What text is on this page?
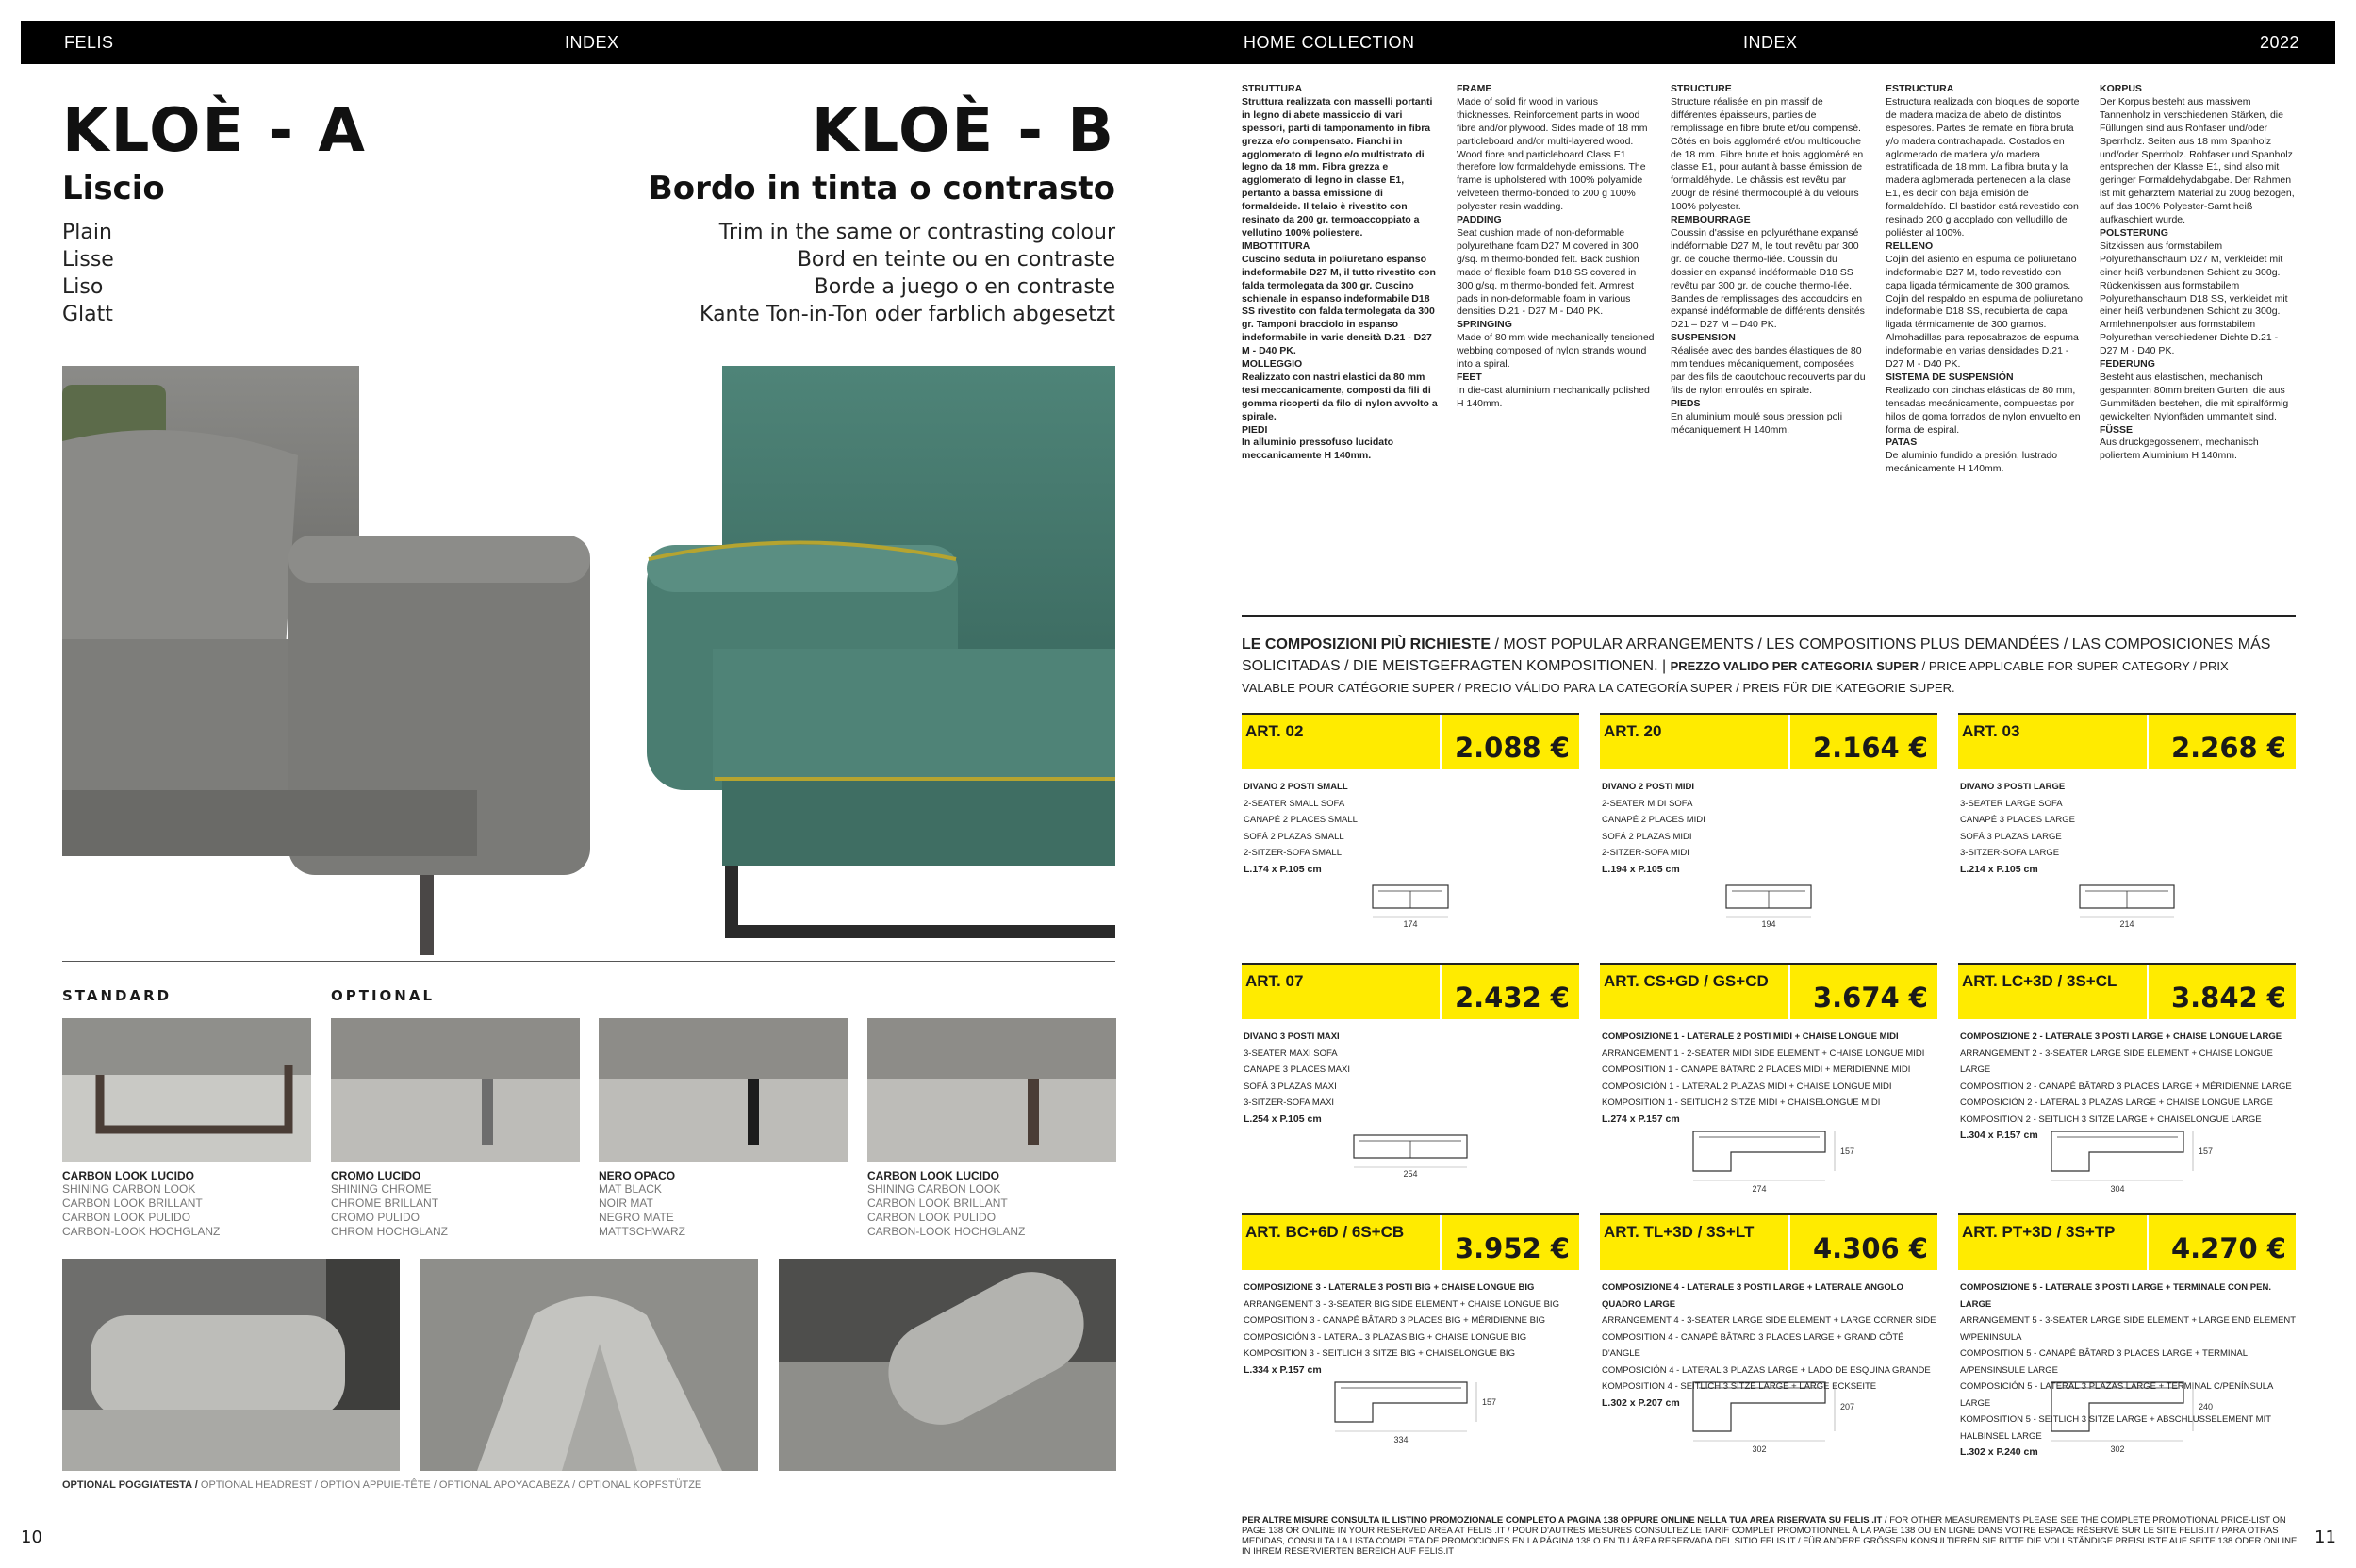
FELIS	INDEX	HOME COLLECTION	INDEX	2022
KLOÈ - A
Liscio
Plain
Lisse
Liso
Glatt
KLOÈ - B
Bordo in tinta o contrasto
Trim in the same or contrasting colour
Bord en teinte ou en contraste
Borde a juego o en contraste
Kante Ton-in-Ton oder farblich abgesetzt
STANDARD	OPTIONAL
CARBON LOOK LUCIDO
SHINING CARBON LOOK
CARBON LOOK BRILLANT
CARBON LOOK PULIDO
CARBON-LOOK HOCHGLANZ
CROMO LUCIDO
SHINING CHROME
CHROME BRILLANT
CROMO PULIDO
CHROM HOCHGLANZ
NERO OPACO
MAT BLACK
NOIR MAT
NEGRO MATE
MATTSCHWARZ
CARBON LOOK LUCIDO
SHINING CARBON LOOK
CARBON LOOK BRILLANT
CARBON LOOK PULIDO
CARBON-LOOK HOCHGLANZ
OPTIONAL POGGIATESTA / OPTIONAL HEADREST / OPTION APPUIE-TÊTE / OPTIONAL APOYACABEZA / OPTIONAL KOPFSTÜTZE
10
STRUTTURA
Struttura realizzata con masselli portanti in legno di abete massiccio di vari spessori, parti di tamponamento in fibra grezza e/o compensato. Fianchi in agglomerato di legno e/o multistrato di legno da 18 mm. Fibra grezza e agglomerato di legno in classe E1, pertanto a bassa emissione di formaldeide. Il telaio è rivestito con resinato da 200 gr. termoaccoppiato a vellutino 100% poliestere.
IMBOTTITURA
Cuscino seduta in poliuretano espanso indeformabile D27 M, il tutto rivestito con falda termolegata da 300 gr. Cuscino schienale in espanso indeformabile D18 SS rivestito con falda termolegata da 300 gr. Tamponi bracciolo in espanso indeformabile in varie densità D.21 - D27 M - D40 PK.
MOLLEGGIO
Realizzato con nastri elastici da 80 mm tesi meccanicamente, composti da fili di gomma ricoperti da filo di nylon avvolto a spirale.
PIEDI
In alluminio pressofuso lucidato meccanicamente H 140mm.
FRAME
Made of solid fir wood in various thicknesses. Reinforcement parts in wood fibre and/or plywood. Sides made of 18 mm particleboard and/or multi-layered wood. Wood fibre and particleboard Class E1 therefore low formaldehyde emissions. The frame is upholstered with 100% polyamide velveteen thermo-bonded to 200 g 100% polyester resin wadding.
PADDING
Seat cushion made of non-deformable polyurethane foam D27 M covered in 300 g/sq. m thermo-bonded felt. Back cushion made of flexible foam D18 SS covered in 300 g/sq. m thermo-bonded felt. Armrest pads in non-deformable foam in various densities D.21 - D27 M - D40 PK.
SPRINGING
Made of 80 mm wide mechanically tensioned webbing composed of nylon strands wound into a spiral.
FEET
In die-cast aluminium mechanically polished H 140mm.
STRUCTURE
Structure réalisée en pin massif de différentes épaisseurs, parties de remplissage en fibre brute et/ou compensé. Côtés en bois aggloméré et/ou multicouche de 18 mm. Fibre brute et bois aggloméré en classe E1, pour autant à basse émission de formaldéhyde. Le châssis est revêtu par 200gr de résiné thermocouplé à du velours 100% polyester.
REMBOURRAGE
Coussin d'assise en polyuréthane expansé indéformable D27 M, le tout revêtu par 300 gr. de couche thermo-liée. Coussin du dossier en expansé indéformable D18 SS revêtu par 300 gr. de couche thermo-liée. Bandes de remplissages des accoudoirs en expansé indéformable de différents densités D21 – D27 M – D40 PK.
SUSPENSION
Réalisée avec des bandes élastiques de 80 mm tendues mécaniquement, composées par des fils de caoutchouc recouverts par du fils de nylon enroulés en spirale.
PIEDS
En aluminium moulé sous pression poli mécaniquement H 140mm.
ESTRUCTURA
Estructura realizada con bloques de soporte de madera maciza de abeto de distintos espesores. Partes de remate en fibra bruta y/o madera contrachapada. Costados en aglomerado de madera y/o madera estratificada de 18 mm. La fibra bruta y la madera aglomerada pertenecen a la clase E1, es decir con baja emisión de formaldehído. El bastidor está revestido con resinado 200 g acoplado con velludillo de poliéster al 100%.
RELLENO
Cojín del asiento en espuma de poliuretano indeformable D27 M, todo revestido con capa ligada térmicamente de 300 gramos. Cojín del respaldo en espuma de poliuretano indeformable D18 SS, recubierta de capa ligada térmicamente de 300 gramos. Almohadillas para reposabrazos de espuma indeformable en varias densidades D.21 - D27 M - D40 PK.
SISTEMA DE SUSPENSIÓN
Realizado con cinchas elásticas de 80 mm, tensadas mecánicamente, compuestas por hilos de goma forrados de nylon envuelto en forma de espiral.
PATAS
De aluminio fundido a presión, lustrado mecánicamente H 140mm.
KORPUS
Der Korpus besteht aus massivem Tannenholz in verschiedenen Stärken, die Füllungen sind aus Rohfaser und/oder Sperrholz. Seiten aus 18 mm Spanholz und/oder Sperrholz. Rohfaser und Spanholz entsprechen der Klasse E1, sind also mit geringer Formaldehydabgabe. Der Rahmen ist mit geharztem Material zu 200g bezogen, auf das 100% Polyester-Samt heiß aufkaschiert wurde.
POLSTERUNG
Sitzkissen aus formstabilem Polyurethanschaum D27 M, verkleidet mit einer heiß verbundenen Schicht zu 300g. Rückenkissen aus formstabilem Polyurethanschaum D18 SS, verkleidet mit einer heiß verbundenen Schicht zu 300g. Armlehnenpolster aus formstabilem Polyurethan verschiedener Dichte D.21 - D27 M - D40 PK.
FEDERUNG
Besteht aus elastischen, mechanisch gespannten 80mm breiten Gurten, die aus Gummifäden bestehen, die mit spiralförmig gewickelten Nylonfäden ummantelt sind.
FÜSSE
Aus druckgegossenem, mechanisch poliertem Aluminium H 140mm.
LE COMPOSIZIONI PIÙ RICHIESTE / MOST POPULAR ARRANGEMENTS / LES COMPOSITIONS PLUS DEMANDÉES / LAS COMPOSICIONES MÁS
SOLICITADAS / DIE MEISTGEFRAGTEN KOMPOSITIONEN. | PREZZO VALIDO PER CATEGORIA SUPER / PRICE APPLICABLE FOR SUPER CATEGORY / PRIX
VALABLE POUR CATÉGORIE SUPER / PRECIO VÁLIDO PARA LA CATEGORÍA SUPER / PREIS FÜR DIE KATEGORIE SUPER.
ART. 02
2.088 €
DIVANO 2 POSTI SMALL
2-SEATER SMALL SOFA
CANAPÉ 2 PLACES SMALL
SOFÁ 2 PLAZAS SMALL
2-SITZER-SOFA SMALL
L.174 x P.105 cm
174
ART. 20
2.164 €
DIVANO 2 POSTI MIDI
2-SEATER MIDI SOFA
CANAPÉ 2 PLACES MIDI
SOFÁ 2 PLAZAS MIDI
2-SITZER-SOFA MIDI
L.194 x P.105 cm
194
ART. 03
2.268 €
DIVANO 3 POSTI LARGE
3-SEATER LARGE SOFA
CANAPÉ 3 PLACES LARGE
SOFÁ 3 PLAZAS LARGE
3-SITZER-SOFA LARGE
L.214 x P.105 cm
214
ART. 07
2.432 €
DIVANO 3 POSTI MAXI
3-SEATER MAXI SOFA
CANAPÉ 3 PLACES MAXI
SOFÁ 3 PLAZAS MAXI
3-SITZER-SOFA MAXI
L.254 x P.105 cm
254
ART. CS+GD / GS+CD
3.674 €
COMPOSIZIONE 1 - LATERALE 2 POSTI MIDI + CHAISE LONGUE MIDI
ARRANGEMENT 1 - 2-SEATER MIDI SIDE ELEMENT + CHAISE LONGUE MIDI
COMPOSITION 1 - CANAPÉ BÂTARD 2 PLACES MIDI + MÉRIDIENNE MIDI
COMPOSICIÓN 1 - LATERAL 2 PLAZAS MIDI + CHAISE LONGUE MIDI
KOMPOSITION 1 - SEITLICH 2 SITZE MIDI + CHAISELONGUE MIDI
L.274 x P.157 cm
274
157
ART. LC+3D / 3S+CL
3.842 €
COMPOSIZIONE 2 - LATERALE 3 POSTI LARGE + CHAISE LONGUE LARGE
ARRANGEMENT 2 - 3-SEATER LARGE SIDE ELEMENT + CHAISE LONGUE LARGE
COMPOSITION 2 - CANAPÉ BÂTARD 3 PLACES LARGE + MÉRIDIENNE LARGE
COMPOSICIÓN 2 - LATERAL 3 PLAZAS LARGE + CHAISE LONGUE LARGE
KOMPOSITION 2 - SEITLICH 3 SITZE LARGE + CHAISELONGUE LARGE
L.304 x P.157 cm
304
157
ART. BC+6D / 6S+CB
3.952 €
COMPOSIZIONE 3 - LATERALE 3 POSTI BIG + CHAISE LONGUE BIG
ARRANGEMENT 3 - 3-SEATER BIG SIDE ELEMENT + CHAISE LONGUE BIG
COMPOSITION 3 - CANAPÉ BÂTARD 3 PLACES BIG + MÉRIDIENNE BIG
COMPOSICIÓN 3 - LATERAL 3 PLAZAS BIG + CHAISE LONGUE BIG
KOMPOSITION 3 - SEITLICH 3 SITZE BIG + CHAISELONGUE BIG
L.334 x P.157 cm
334
157
ART. TL+3D / 3S+LT
4.306 €
COMPOSIZIONE 4 - LATERALE 3 POSTI LARGE + LATERALE ANGOLO QUADRO LARGE
ARRANGEMENT 4 - 3-SEATER LARGE SIDE ELEMENT + LARGE CORNER SIDE
COMPOSITION 4 - CANAPÉ BÂTARD 3 PLACES LARGE + GRAND CÔTÉ D'ANGLE
COMPOSICIÓN 4 - LATERAL 3 PLAZAS LARGE + LADO DE ESQUINA GRANDE
KOMPOSITION 4 - SEITLICH 3 SITZE LARGE + LARGE ECKSEITE
L.302 x P.207 cm
302
207
ART. PT+3D / 3S+TP
4.270 €
COMPOSIZIONE 5 - LATERALE 3 POSTI LARGE + TERMINALE CON PEN. LARGE
ARRANGEMENT 5 - 3-SEATER LARGE SIDE ELEMENT + LARGE END ELEMENT W/PENINSULA
COMPOSITION 5 - CANAPÉ BÂTARD 3 PLACES LARGE + TERMINAL A/PENSINSULE LARGE
COMPOSICIÓN 5 - LATERAL 3 PLAZAS LARGE + TERMINAL C/PENÍNSULA LARGE
KOMPOSITION 5 - SEITLICH 3 SITZE LARGE + ABSCHLUSSELEMENT MIT HALBINSEL LARGE
L.302 x P.240 cm	302
240
PER ALTRE MISURE CONSULTA IL LISTINO PROMOZIONALE COMPLETO A PAGINA 138 OPPURE ONLINE NELLA TUA AREA RISERVATA SU FELIS .IT / FOR OTHER MEASUREMENTS PLEASE SEE THE COMPLETE PROMOTIONAL PRICE-LIST ON PAGE 138 OR ONLINE IN YOUR RESERVED AREA AT FELIS .IT / POUR D'AUTRES MESURES CONSULTEZ LE TARIF COMPLET PROMOTIONNEL À LA PAGE 138 OU EN LIGNE DANS VOTRE ESPACE RÉSERVÉ SUR LE SITE FELIS.IT / PARA OTRAS MEDIDAS, CONSULTA LA LISTA COMPLETA DE PROMOCIONES EN LA PÁGINA 138 O EN TU ÁREA RESERVADA DEL SITIO FELIS.IT / FÜR ANDERE GRÖSSEN KONSULTIEREN SIE BITTE DIE VOLLSTÄNDIGE PREISLISTE AUF SEITE 138 ODER ONLINE IN IHREM RESERVIERTEN BEREICH AUF FELIS.IT
11
